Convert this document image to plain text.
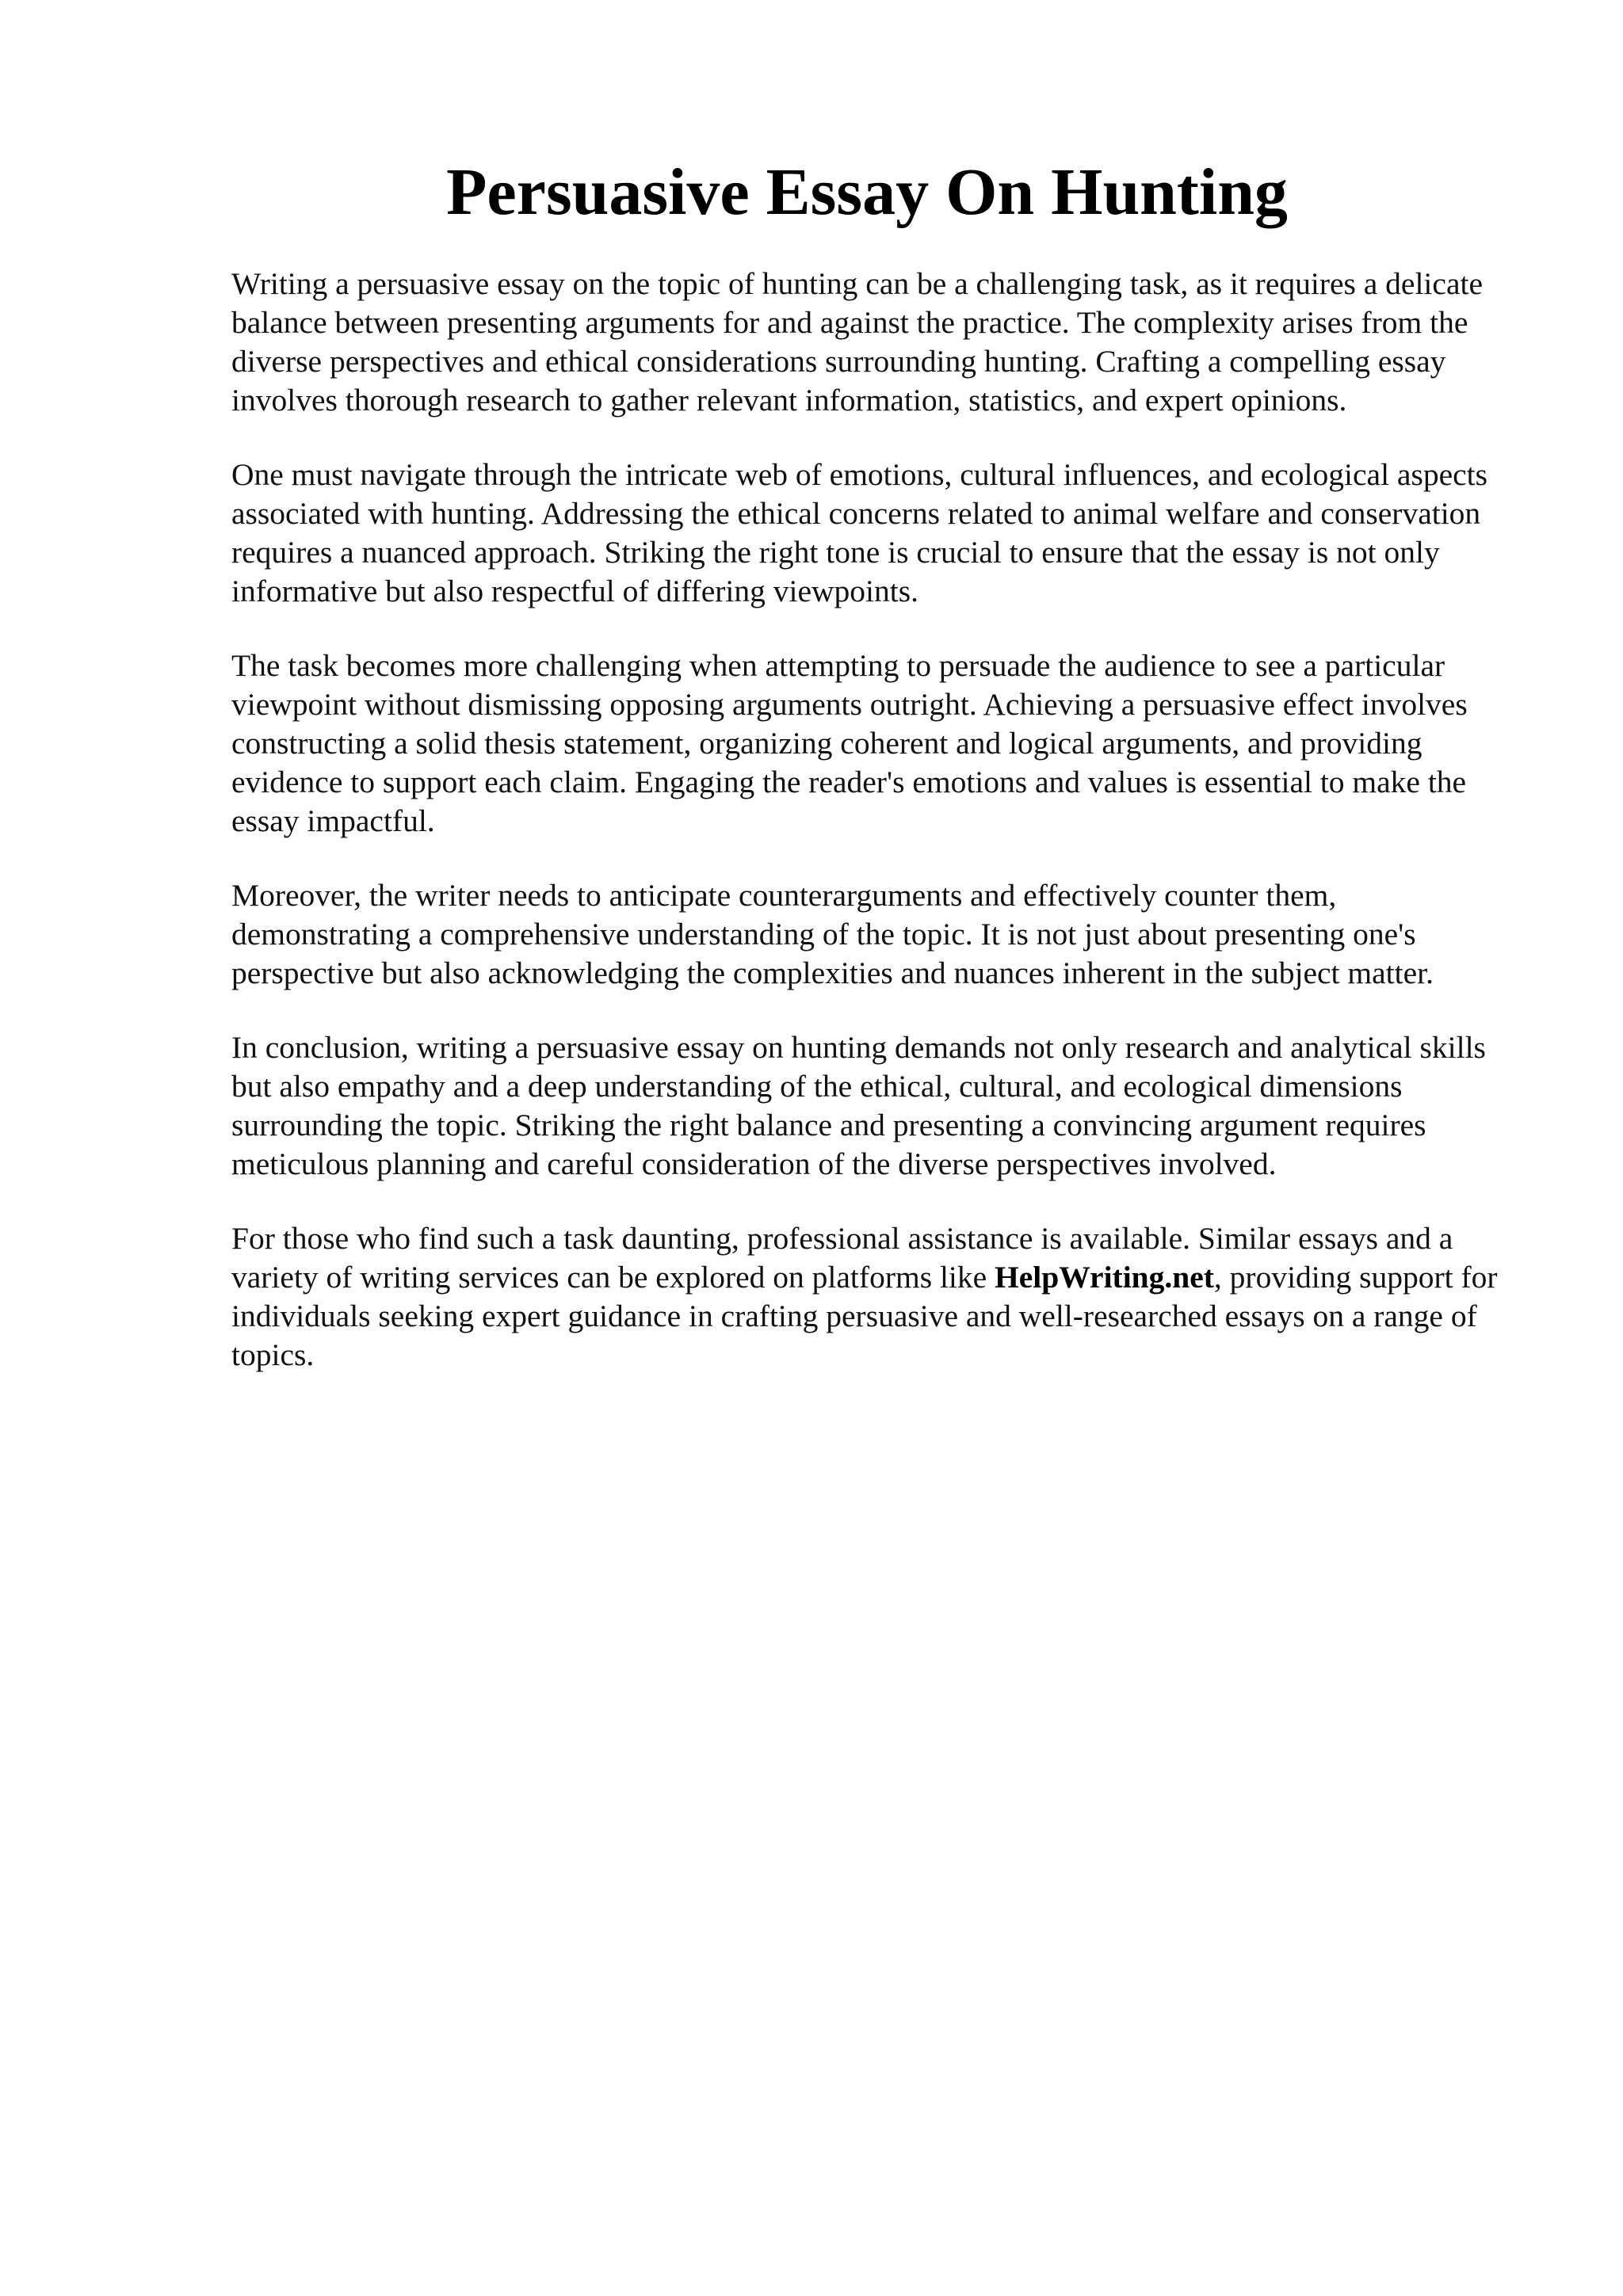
Persuasive Essay On Hunting

Writing a persuasive essay on the topic of hunting can be a challenging task, as it requires a delicate balance between presenting arguments for and against the practice. The complexity arises from the diverse perspectives and ethical considerations surrounding hunting. Crafting a compelling essay involves thorough research to gather relevant information, statistics, and expert opinions.

One must navigate through the intricate web of emotions, cultural influences, and ecological aspects associated with hunting. Addressing the ethical concerns related to animal welfare and conservation requires a nuanced approach. Striking the right tone is crucial to ensure that the essay is not only informative but also respectful of differing viewpoints.

The task becomes more challenging when attempting to persuade the audience to see a particular viewpoint without dismissing opposing arguments outright. Achieving a persuasive effect involves constructing a solid thesis statement, organizing coherent and logical arguments, and providing evidence to support each claim. Engaging the reader's emotions and values is essential to make the essay impactful.

Moreover, the writer needs to anticipate counterarguments and effectively counter them, demonstrating a comprehensive understanding of the topic. It is not just about presenting one's perspective but also acknowledging the complexities and nuances inherent in the subject matter.

In conclusion, writing a persuasive essay on hunting demands not only research and analytical skills but also empathy and a deep understanding of the ethical, cultural, and ecological dimensions surrounding the topic. Striking the right balance and presenting a convincing argument requires meticulous planning and careful consideration of the diverse perspectives involved.

For those who find such a task daunting, professional assistance is available. Similar essays and a variety of writing services can be explored on platforms like HelpWriting.net, providing support for individuals seeking expert guidance in crafting persuasive and well-researched essays on a range of topics.
